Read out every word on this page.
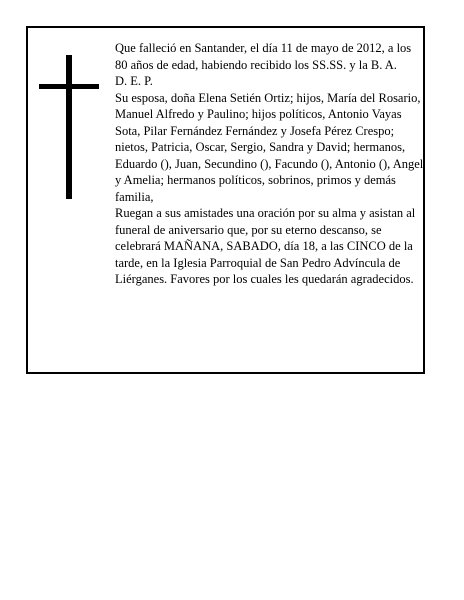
Que falleció en Santander, el día 11 de mayo de 2012, a los 80 años de edad, habiendo recibido los SS.SS. y la B. A.

D. E. P.

Su esposa, doña Elena Setién Ortiz; hijos, María del Rosario, Manuel Alfredo y Paulino; hijos políticos, Antonio Vayas Sota, Pilar Fernández Fernández y Josefa Pérez Crespo; nietos, Patricia, Oscar, Sergio, Sandra y David; hermanos, Eduardo (), Juan, Secundino (), Facundo (), Antonio (), Angel y Amelia; hermanos políticos, sobrinos, primos y demás familia,

Ruegan a sus amistades una oración por su alma y asistan al funeral de aniversario que, por su eterno descanso, se celebrará MAÑANA, SABADO, día 18, a las CINCO de la tarde, en la Iglesia Parroquial de San Pedro Advíncula de Liérganes. Favores por los cuales les quedarán agradecidos.
